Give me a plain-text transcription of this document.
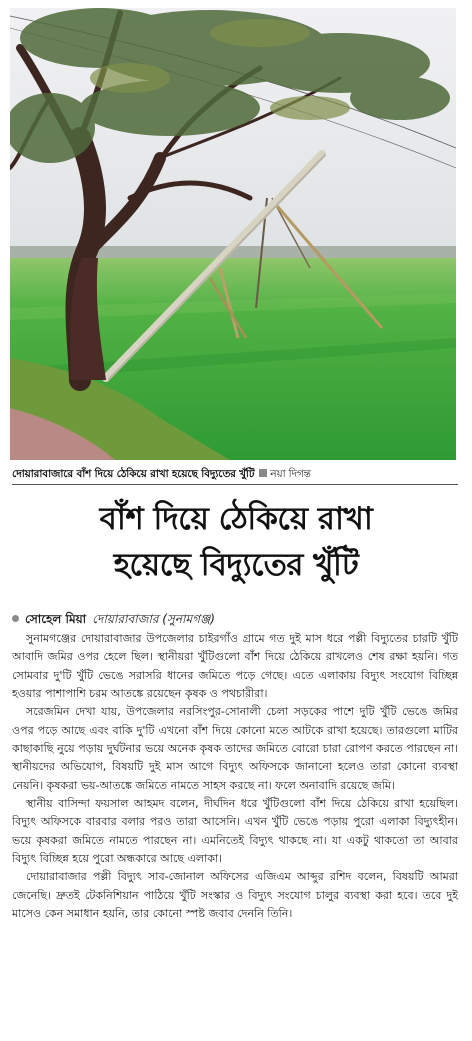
দোয়ারাবাজারে বাঁশ দিয়ে ঠেকিয়ে রাখা হয়েছে বিদ্যুতের খুঁটি নয়া দিগন্ত
বাঁশ দিয়ে ঠেকিয়ে রাখা
হয়েছে বিদ্যুতের খুঁটি
সোহেল মিয়া দোয়ারাবাজার (সুনামগঞ্জ)

সুনামগঞ্জের দোয়ারাবাজার উপজেলার চাইরগাঁও গ্রামে গত দুই মাস ধরে পল্লী বিদ্যুতের চারটি খুঁটি আবাদি জমির ওপর হেলে ছিল। স্থানীয়রা খুঁটিগুলো বাঁশ দিয়ে ঠেকিয়ে রাখলেও শেষ রক্ষা হয়নি। গত সোমবার দু'টি খুঁটি ভেঙে সরাসরি ধানের জমিতে পড়ে গেছে। এতে এলাকায় বিদ্যুৎ সংযোগ বিচ্ছিন্ন হওয়ার পাশাপাশি চরম আতঙ্কে রয়েছেন কৃষক ও পথচারীরা।

সরেজমিন দেখা যায়, উপজেলার নরসিংপুর-সোনালী চেলা সড়কের পাশে দুটি খুঁটি ভেঙে জমির ওপর পড়ে আছে এবং বাকি দু'টি এখনো বাঁশ দিয়ে কোনো মতে আটকে রাখা হয়েছে। তারগুলো মাটির কাছাকাছি নুয়ে পড়ায় দুর্ঘটনার ভয়ে অনেক কৃষক তাদের জমিতে বোরো চারা রোপণ করতে পারছেন না। স্থানীয়দের অভিযোগ, বিষয়টি দুই মাস আগে বিদ্যুৎ অফিসকে জানানো হলেও তারা কোনো ব্যবস্থা নেয়নি। কৃষকরা ভয়-আতঙ্কে জমিতে নামতে সাহস করছে না। ফলে অনাবাদি রয়েছে জমি।

স্থানীয় বাসিন্দা ফয়সাল আহমদ বলেন, দীর্ঘদিন ধরে খুঁটিগুলো বাঁশ দিয়ে ঠেকিয়ে রাখা হয়েছিল। বিদ্যুৎ অফিসকে বারবার বলার পরও তারা আসেনি। এখন খুঁটি ভেঙে পড়ায় পুরো এলাকা বিদ্যুৎহীন। ভয়ে কৃষকরা জমিতে নামতে পারছেন না। এমনিতেই বিদ্যুৎ থাকছে না। যা একটু থাকতো তা আবার বিদ্যুৎ বিচ্ছিন্ন হয়ে পুরো অন্ধকারে আছে এলাকা।

দোয়ারাবাজার পল্লী বিদ্যুৎ সাব-জোনাল অফিসের এজিএম আব্দুর রশিদ বলেন, বিষয়টি আমরা জেনেছি। দ্রুতই টেকনিশিয়ান পাঠিয়ে খুঁটি সংস্কার ও বিদ্যুৎ সংযোগ চালুর ব্যবস্থা করা হবে। তবে দুই মাসেও কেন সমাধান হয়নি, তার কোনো স্পষ্ট জবাব দেননি তিনি।
